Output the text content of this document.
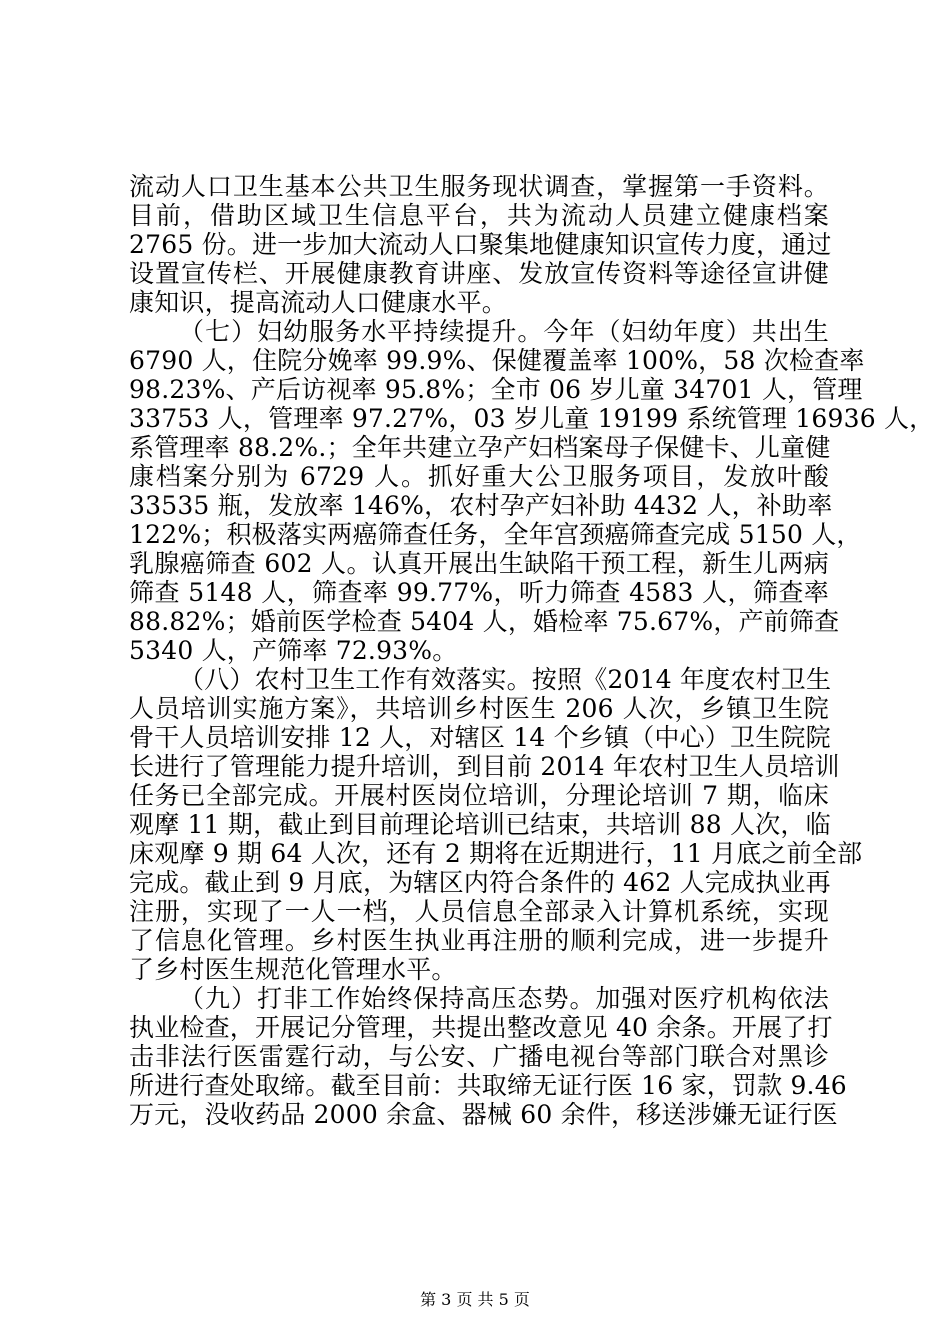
流动人口卫生基本公共卫生服务现状调查，掌握第一手资料。
目前，借助区域卫生信息平台，共为流动人员建立健康档案
2765 份。进一步加大流动人口聚集地健康知识宣传力度，通过
设置宣传栏、开展健康教育讲座、发放宣传资料等途径宣讲健
康知识，提高流动人口健康水平。
（七）妇幼服务水平持续提升。今年（妇幼年度）共出生
6790 人，住院分娩率 99.9%、保健覆盖率 100%，58 次检查率
98.23%、产后访视率 95.8%；全市 06 岁儿童 34701 人，管理
33753 人，管理率 97.27%，03 岁儿童 19199 系统管理 16936 人，
系管理率 88.2%.；全年共建立孕产妇档案母子保健卡、儿童健
康档案分别为 6729 人。抓好重大公卫服务项目，发放叶酸
33535 瓶，发放率 146%，农村孕产妇补助 4432 人，补助率
122%；积极落实两癌筛查任务，全年宫颈癌筛查完成 5150 人，
乳腺癌筛查 602 人。认真开展出生缺陷干预工程，新生儿两病
筛查 5148 人，筛查率 99.77%，听力筛查 4583 人，筛查率
88.82%；婚前医学检查 5404 人，婚检率 75.67%，产前筛查
5340 人，产筛率 72.93%。
（八）农村卫生工作有效落实。按照《2014 年度农村卫生
人员培训实施方案》，共培训乡村医生 206 人次，乡镇卫生院
骨干人员培训安排 12 人，对辖区 14 个乡镇（中心）卫生院院
长进行了管理能力提升培训，到目前 2014 年农村卫生人员培训
任务已全部完成。开展村医岗位培训，分理论培训 7 期，临床
观摩 11 期，截止到目前理论培训已结束，共培训 88 人次，临
床观摩 9 期 64 人次，还有 2 期将在近期进行，11 月底之前全部
完成。截止到 9 月底，为辖区内符合条件的 462 人完成执业再
注册，实现了一人一档，人员信息全部录入计算机系统，实现
了信息化管理。乡村医生执业再注册的顺利完成，进一步提升
了乡村医生规范化管理水平。
（九）打非工作始终保持高压态势。加强对医疗机构依法
执业检查，开展记分管理，共提出整改意见 40 余条。开展了打
击非法行医雷霆行动，与公安、广播电视台等部门联合对黑诊
所进行查处取缔。截至目前：共取缔无证行医 16 家，罚款 9.46
万元，没收药品 2000 余盒、器械 60 余件，移送涉嫌无证行医
第 3 页 共 5 页
